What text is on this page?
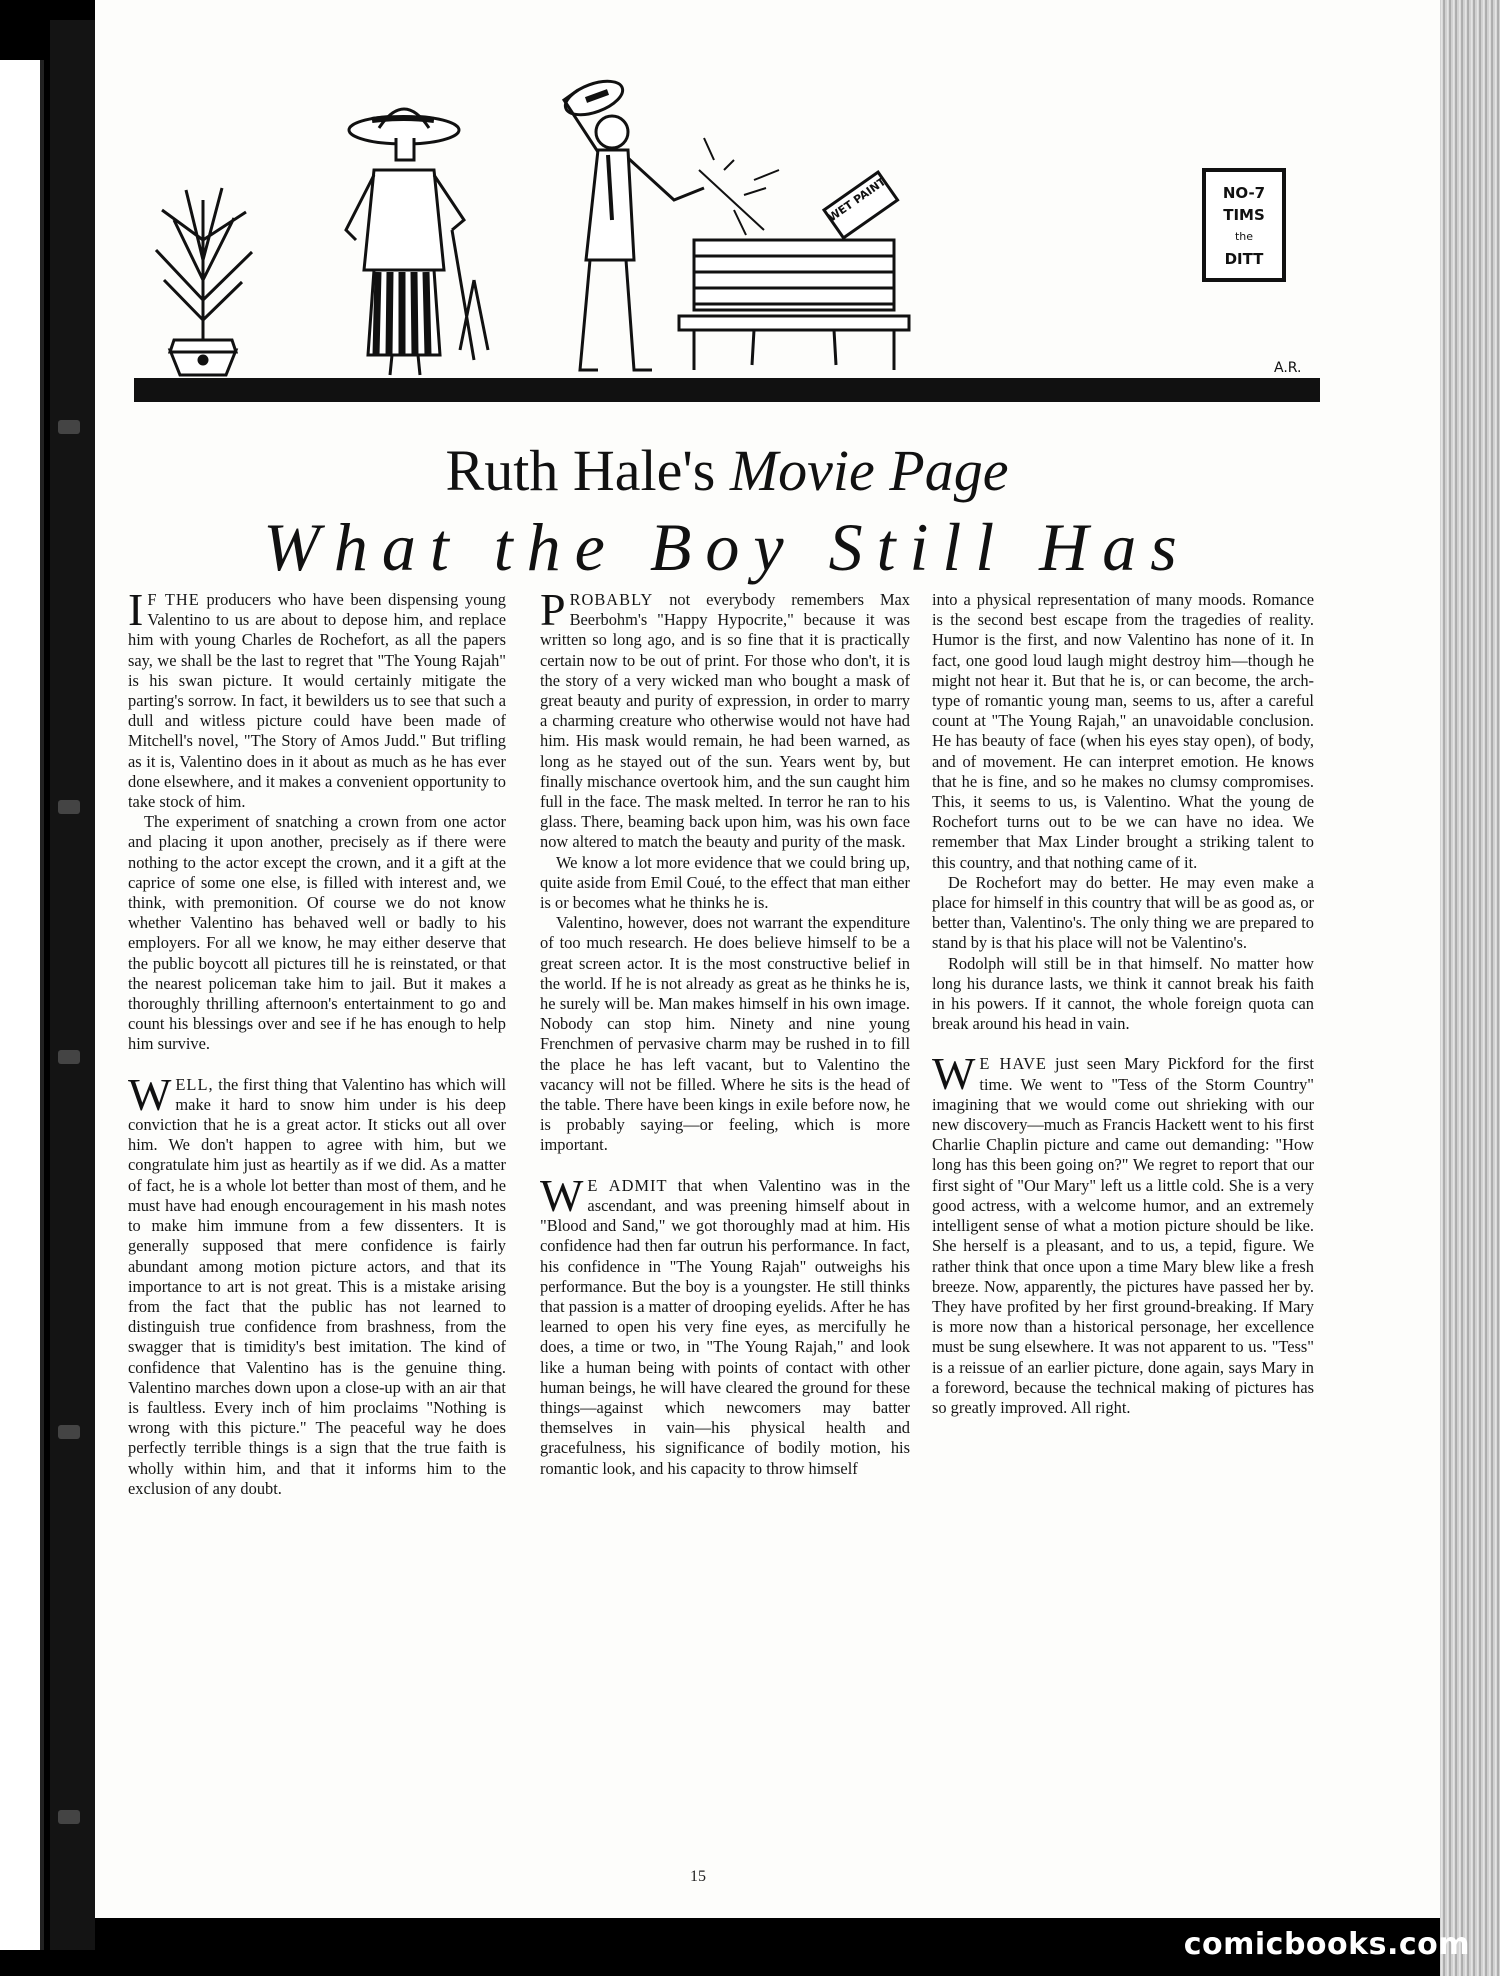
WET PAINT	NO-7
TIMS
the
DITT
A.R.
Ruth Hale's Movie Page
What the Boy Still Has

I F THE producers who have been dispensing young Valentino to us are about to depose him, and replace him with young Charles de Rochefort, as all the papers say, we shall be the last to regret that "The Young Rajah" is his swan picture. It would certainly mitigate the parting's sorrow. In fact, it bewilders us to see that such a dull and witless picture could have been made of Mitchell's novel, "The Story of Amos Judd." But trifling as it is, Valentino does in it about as much as he has ever done elsewhere, and it makes a convenient opportunity to take stock of him.

The experiment of snatching a crown from one actor and placing it upon another, precisely as if there were nothing to the actor except the crown, and it a gift at the caprice of some one else, is filled with interest and, we think, with premonition. Of course we do not know whether Valentino has behaved well or badly to his employers. For all we know, he may either deserve that the public boycott all pictures till he is reinstated, or that the nearest policeman take him to jail. But it makes a thoroughly thrilling afternoon's entertainment to go and count his blessings over and see if he has enough to help him survive.

WELL, the first thing that Valentino has which will make it hard to snow him under is his deep conviction that he is a great actor. It sticks out all over him. We don't happen to agree with him, but we congratulate him just as heartily as if we did. As a matter of fact, he is a whole lot better than most of them, and he must have had enough encouragement in his mash notes to make him immune from a few dissenters. It is generally supposed that mere confidence is fairly abundant among motion picture actors, and that its importance to art is not great. This is a mistake arising from the fact that the public has not learned to distinguish true confidence from brashness, from the swagger that is timidity's best imitation. The kind of confidence that Valentino has is the genuine thing. Valentino marches down upon a close-up with an air that is faultless. Every inch of him proclaims "Nothing is wrong with this picture." The peaceful way he does perfectly terrible things is a sign that the true faith is wholly within him, and that it informs him to the exclusion of any doubt.

PROBABLY not everybody remembers Max Beerbohm's "Happy Hypocrite," because it was written so long ago, and is so fine that it is practically certain now to be out of print. For those who don't, it is the story of a very wicked man who bought a mask of great beauty and purity of expression, in order to marry a charming creature who otherwise would not have had him. His mask would remain, he had been warned, as long as he stayed out of the sun. Years went by, but finally mischance overtook him, and the sun caught him full in the face. The mask melted. In terror he ran to his glass. There, beaming back upon him, was his own face now altered to match the beauty and purity of the mask.

We know a lot more evidence that we could bring up, quite aside from Emil Coué, to the effect that man either is or becomes what he thinks he is.

Valentino, however, does not warrant the expenditure of too much research. He does believe himself to be a great screen actor. It is the most constructive belief in the world. If he is not already as great as he thinks he is, he surely will be. Man makes himself in his own image. Nobody can stop him. Ninety and nine young Frenchmen of pervasive charm may be rushed in to fill the place he has left vacant, but to Valentino the vacancy will not be filled. Where he sits is the head of the table. There have been kings in exile before now, he is probably saying—or feeling, which is more important.

W E ADMIT that when Valentino was in the ascendant, and was preening himself about in "Blood and Sand," we got thoroughly mad at him. His confidence had then far outrun his performance. In fact, his confidence in "The Young Rajah" outweighs his performance. But the boy is a youngster. He still thinks that passion is a matter of drooping eyelids. After he has learned to open his very fine eyes, as mercifully he does, a time or two, in "The Young Rajah," and look like a human being with points of contact with other human beings, he will have cleared the ground for these things—against which newcomers may batter themselves in vain—his physical health and gracefulness, his significance of bodily motion, his romantic look, and his capacity to throw himself

into a physical representation of many moods. Romance is the second best escape from the tragedies of reality. Humor is the first, and now Valentino has none of it. In fact, one good loud laugh might destroy him—though he might not hear it. But that he is, or can become, the arch-type of romantic young man, seems to us, after a careful count at "The Young Rajah," an unavoidable conclusion. He has beauty of face (when his eyes stay open), of body, and of movement. He can interpret emotion. He knows that he is fine, and so he makes no clumsy compromises. This, it seems to us, is Valentino. What the young de Rochefort turns out to be we can have no idea. We remember that Max Linder brought a striking talent to this country, and that nothing came of it.

De Rochefort may do better. He may even make a place for himself in this country that will be as good as, or better than, Valentino's. The only thing we are prepared to stand by is that his place will not be Valentino's.

Rodolph will still be in that himself. No matter how long his durance lasts, we think it cannot break his faith in his powers. If it cannot, the whole foreign quota can break around his head in vain.

W E HAVE just seen Mary Pickford for the first time. We went to "Tess of the Storm Country" imagining that we would come out shrieking with our new discovery—much as Francis Hackett went to his first Charlie Chaplin picture and came out demanding: "How long has this been going on?" We regret to report that our first sight of "Our Mary" left us a little cold. She is a very good actress, with a welcome humor, and an extremely intelligent sense of what a motion picture should be like. She herself is a pleasant, and to us, a tepid, figure. We rather think that once upon a time Mary blew like a fresh breeze. Now, apparently, the pictures have passed her by. They have profited by her first ground-breaking. If Mary is more now than a historical personage, her excellence must be sung elsewhere. It was not apparent to us. "Tess" is a reissue of an earlier picture, done again, says Mary in a foreword, because the technical making of pictures has so greatly improved. All right.

15
comicbooks.com
